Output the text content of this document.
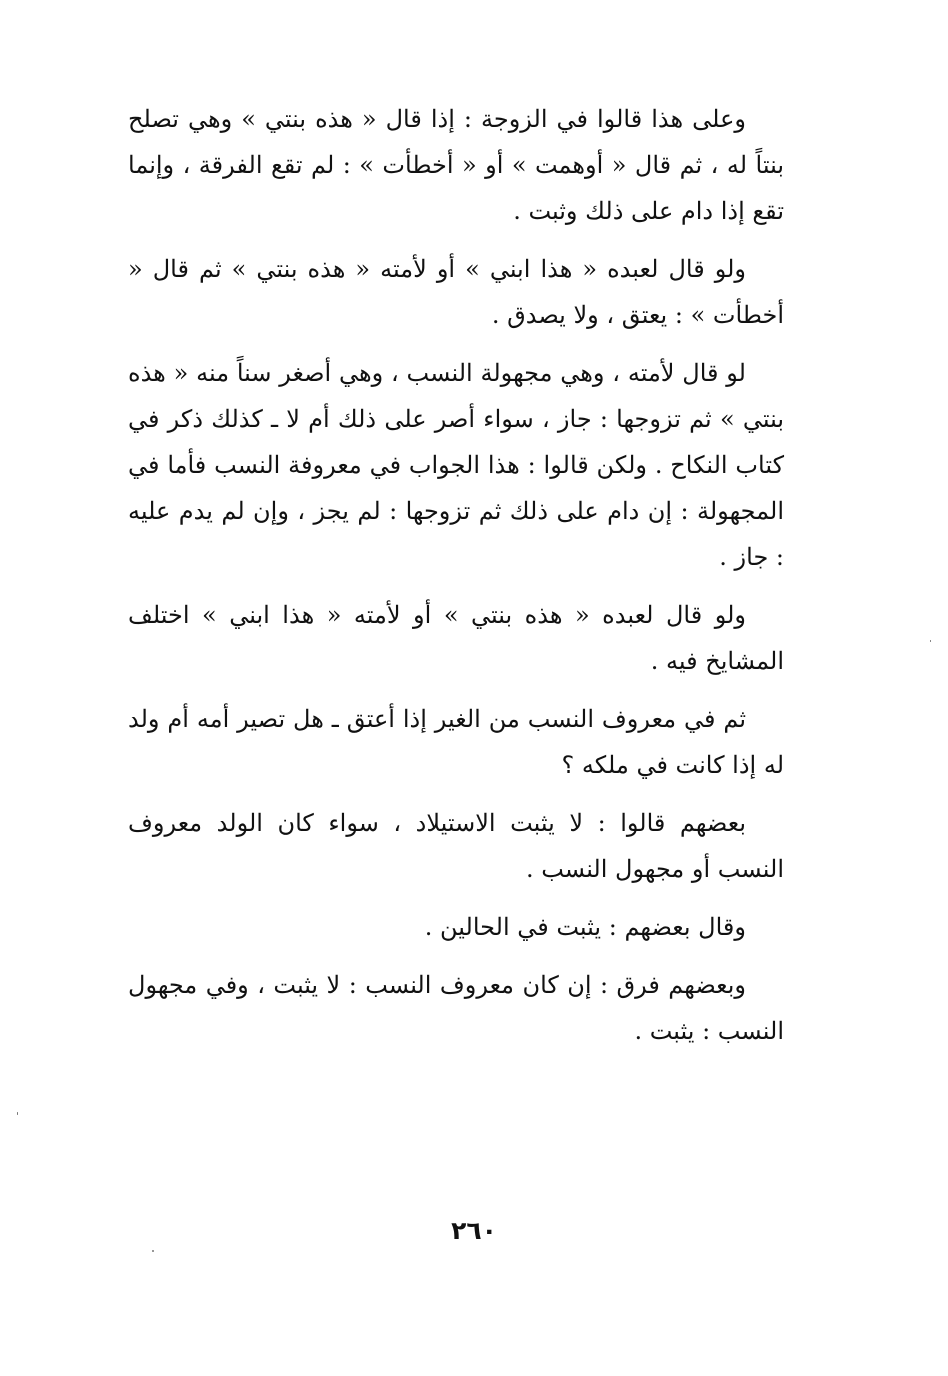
وعلى هذا قالوا في الزوجة : إذا قال « هذه بنتي » وهي تصلح بنتاً له ، ثم قال « أوهمت » أو « أخطأت » : لم تقع الفرقة ، وإنما تقع إذا دام على ذلك وثبت .

ولو قال لعبده « هذا ابني » أو لأمته « هذه بنتي » ثم قال « أخطأت » : يعتق ، ولا يصدق .

لو قال لأمته ، وهي مجهولة النسب ، وهي أصغر سناً منه « هذه بنتي » ثم تزوجها : جاز ، سواء أصر على ذلك أم لا ـ كذلك ذكر في كتاب النكاح . ولكن قالوا : هذا الجواب في معروفة النسب فأما في المجهولة : إن دام على ذلك ثم تزوجها : لم يجز ، وإن لم يدم عليه : جاز .

ولو قال لعبده « هذه بنتي » أو لأمته « هذا ابني » اختلف المشايخ فيه .

ثم في معروف النسب من الغير إذا أعتق ـ هل تصير أمه أم ولد له إذا كانت في ملكه ؟

بعضهم قالوا : لا يثبت الاستيلاد ، سواء كان الولد معروف النسب أو مجهول النسب .

وقال بعضهم : يثبت في الحالين .

وبعضهم فرق : إن كان معروف النسب : لا يثبت ، وفي مجهول النسب : يثبت .

٢٦٠
